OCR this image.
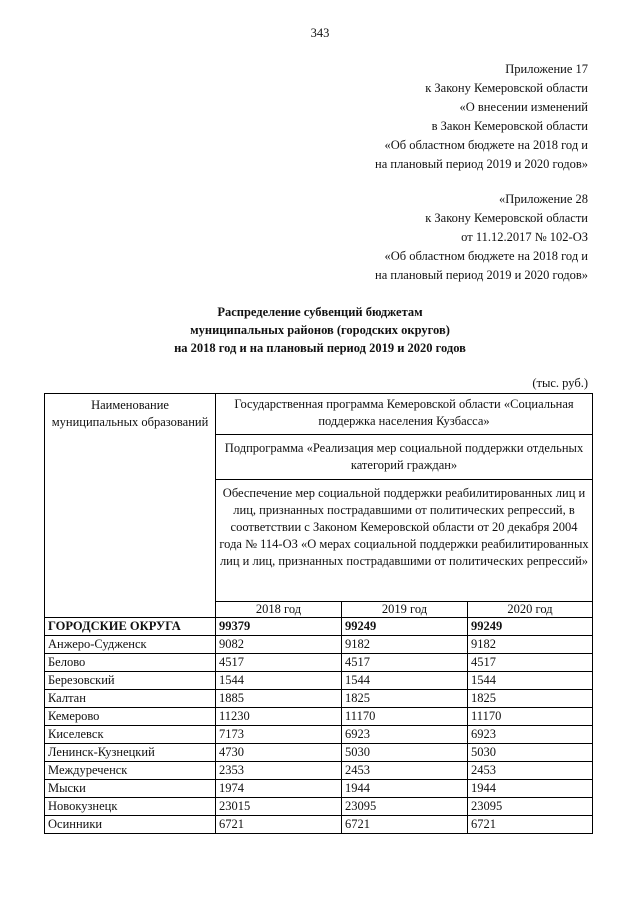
343
Приложение 17
к Закону Кемеровской области
«О внесении изменений
в Закон Кемеровской области
«Об областном бюджете на 2018 год и
на плановый период 2019 и 2020 годов»
«Приложение 28
к Закону Кемеровской области
от 11.12.2017 № 102-ОЗ
«Об областном бюджете на 2018 год и
на плановый период 2019 и 2020 годов»
Распределение субвенций бюджетам
муниципальных районов (городских округов)
на 2018 год и на плановый период 2019 и 2020 годов
(тыс. руб.)
Наименование муниципальных образований	Государственная программа Кемеровской области «Социальная поддержка населения Кузбасса»		
	Подпрограмма «Реализация мер социальной поддержки отдельных категорий граждан»		
	Обеспечение мер социальной поддержки реабилитированных лиц и лиц, признанных пострадавшими от политических репрессий, в соответствии с Законом Кемеровской области от 20 декабря 2004 года № 114-ОЗ «О мерах социальной поддержки реабилитированных лиц и лиц, признанных пострадавшими от политических репрессий»		
	2018 год	2019 год	2020 год
ГОРОДСКИЕ ОКРУГА	99379	99249	99249
Анжеро-Судженск	9082	9182	9182
Белово	4517	4517	4517
Березовский	1544	1544	1544
Калтан	1885	1825	1825
Кемерово	11230	11170	11170
Киселевск	7173	6923	6923
Ленинск-Кузнецкий	4730	5030	5030
Междуреченск	2353	2453	2453
Мыски	1974	1944	1944
Новокузнецк	23015	23095	23095
Осинники	6721	6721	6721
